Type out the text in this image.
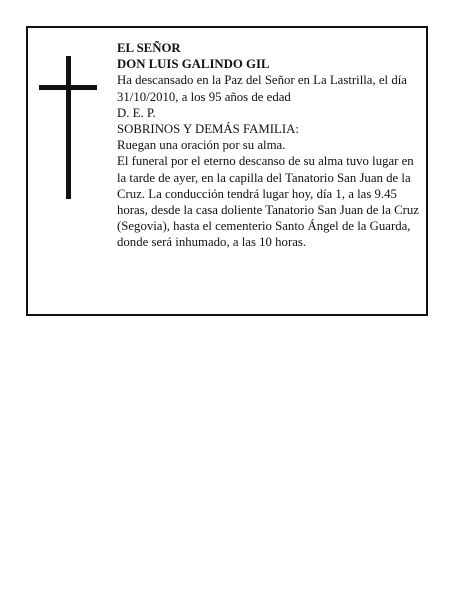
EL SEÑOR

DON LUIS GALINDO GIL

Ha descansado en la Paz del Señor en La Lastrilla, el día 31/10/2010, a los 95 años de edad

D. E. P.

SOBRINOS Y DEMÁS FAMILIA:

Ruegan una oración por su alma.

El funeral por el eterno descanso de su alma tuvo lugar en la tarde de ayer, en la capilla del Tanatorio San Juan de la Cruz. La conducción tendrá lugar hoy, día 1, a las 9.45 horas, desde la casa doliente Tanatorio San Juan de la Cruz (Segovia), hasta el cementerio Santo Ángel de la Guarda, donde será inhumado, a las 10 horas.
